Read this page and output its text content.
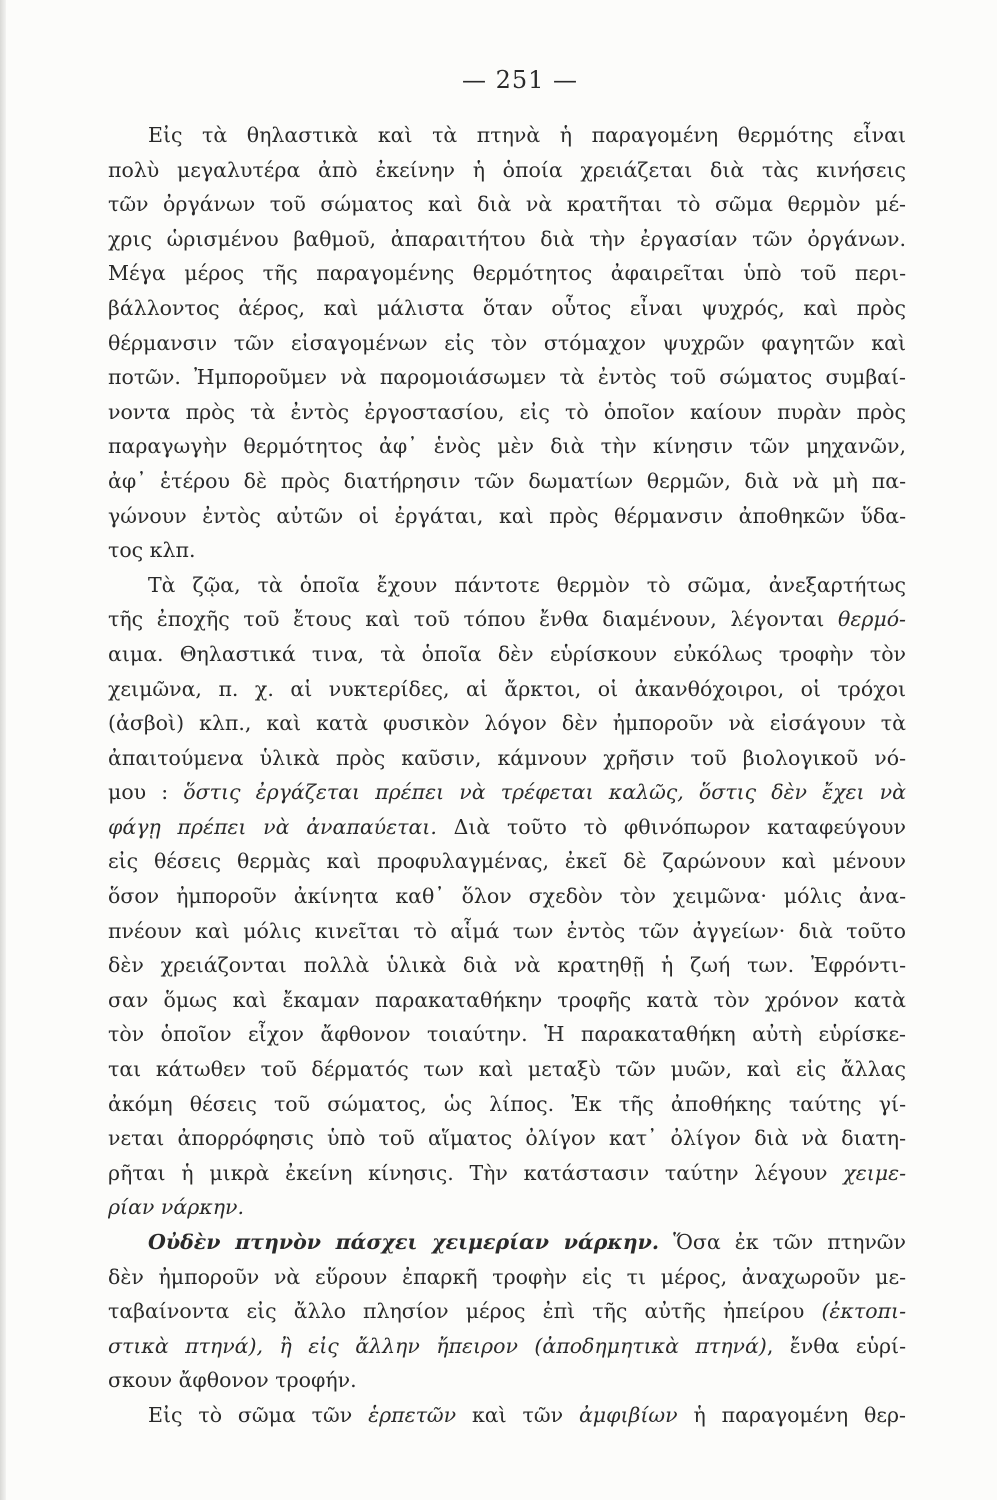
— 251 —
Εἰς τὰ θηλαστικὰ καὶ τὰ πτηνὰ ἡ παραγομένη θερμότης εἶναι
πολὺ μεγαλυτέρα ἀπὸ ἐκείνην ἡ ὁποία χρειάζεται διὰ τὰς κινήσεις
τῶν ὀργάνων τοῦ σώματος καὶ διὰ νὰ κρατῆται τὸ σῶμα θερμὸν μέ-
χρις ὡρισμένου βαθμοῦ, ἀπαραιτήτου διὰ τὴν ἐργασίαν τῶν ὀργάνων.
Μέγα μέρος τῆς παραγομένης θερμότητος ἀφαιρεῖται ὑπὸ τοῦ περι-
βάλλοντος ἀέρος, καὶ μάλιστα ὅταν οὗτος εἶναι ψυχρός, καὶ πρὸς
θέρμανσιν τῶν εἰσαγομένων εἰς τὸν στόμαχον ψυχρῶν φαγητῶν καὶ
ποτῶν. Ἠμποροῦμεν νὰ παρομοιάσωμεν τὰ ἐντὸς τοῦ σώματος συμβαί-
νοντα πρὸς τὰ ἐντὸς ἐργοστασίου, εἰς τὸ ὁποῖον καίουν πυρὰν πρὸς
παραγωγὴν θερμότητος ἀφ᾽ ἑνὸς μὲν διὰ τὴν κίνησιν τῶν μηχανῶν,
ἀφ᾽ ἑτέρου δὲ πρὸς διατήρησιν τῶν δωματίων θερμῶν, διὰ νὰ μὴ πα-
γώνουν ἐντὸς αὐτῶν οἱ ἐργάται, καὶ πρὸς θέρμανσιν ἀποθηκῶν ὕδα-
τος κλπ.
Τὰ ζῷα, τὰ ὁποῖα ἔχουν πάντοτε θερμὸν τὸ σῶμα, ἀνεξαρτήτως
τῆς ἐποχῆς τοῦ ἔτους καὶ τοῦ τόπου ἔνθα διαμένουν, λέγονται θερμό-
αιμα. Θηλαστικά τινα, τὰ ὁποῖα δὲν εὑρίσκουν εὐκόλως τροφὴν τὸν
χειμῶνα, π. χ. αἱ νυκτερίδες, αἱ ἄρκτοι, οἱ ἀκανθόχοιροι, οἱ τρόχοι
(ἀσβοὶ) κλπ., καὶ κατὰ φυσικὸν λόγον δὲν ἠμποροῦν νὰ εἰσάγουν τὰ
ἀπαιτούμενα ὑλικὰ πρὸς καῦσιν, κάμνουν χρῆσιν τοῦ βιολογικοῦ νό-
μου : ὅστις ἐργάζεται πρέπει νὰ τρέφεται καλῶς, ὅστις δὲν ἔχει νὰ
φάγῃ πρέπει νὰ ἀναπαύεται. Διὰ τοῦτο τὸ φθινόπωρον καταφεύγουν
εἰς θέσεις θερμὰς καὶ προφυλαγμένας, ἐκεῖ δὲ ζαρώνουν καὶ μένουν
ὅσον ἠμποροῦν ἀκίνητα καθ᾽ ὅλον σχεδὸν τὸν χειμῶνα· μόλις ἀνα-
πνέουν καὶ μόλις κινεῖται τὸ αἷμά των ἐντὸς τῶν ἀγγείων· διὰ τοῦτο
δὲν χρειάζονται πολλὰ ὑλικὰ διὰ νὰ κρατηθῇ ἡ ζωή των. Ἐφρόντι-
σαν ὅμως καὶ ἔκαμαν παρακαταθήκην τροφῆς κατὰ τὸν χρόνον κατὰ
τὸν ὁποῖον εἶχον ἄφθονον τοιαύτην. Ἡ παρακαταθήκη αὐτὴ εὑρίσκε-
ται κάτωθεν τοῦ δέρματός των καὶ μεταξὺ τῶν μυῶν, καὶ εἰς ἄλλας
ἀκόμη θέσεις τοῦ σώματος, ὡς λίπος. Ἐκ τῆς ἀποθήκης ταύτης γί-
νεται ἀπορρόφησις ὑπὸ τοῦ αἵματος ὀλίγον κατ᾽ ὀλίγον διὰ νὰ διατη-
ρῆται ἡ μικρὰ ἐκείνη κίνησις. Τὴν κατάστασιν ταύτην λέγουν χειμε-
ρίαν νάρκην.
Οὐδὲν πτηνὸν πάσχει χειμερίαν νάρκην. Ὅσα ἐκ τῶν πτηνῶν
δὲν ἠμποροῦν νὰ εὕρουν ἐπαρκῆ τροφὴν εἰς τι μέρος, ἀναχωροῦν με-
ταβαίνοντα εἰς ἄλλο πλησίον μέρος ἐπὶ τῆς αὐτῆς ἠπείρου (ἐκτοπι-
στικὰ πτηνά), ἢ εἰς ἄλλην ἤπειρον (ἀποδημητικὰ πτηνά), ἔνθα εὑρί-
σκουν ἄφθονον τροφήν.
Εἰς τὸ σῶμα τῶν ἑρπετῶν καὶ τῶν ἀμφιβίων ἡ παραγομένη θερ-
